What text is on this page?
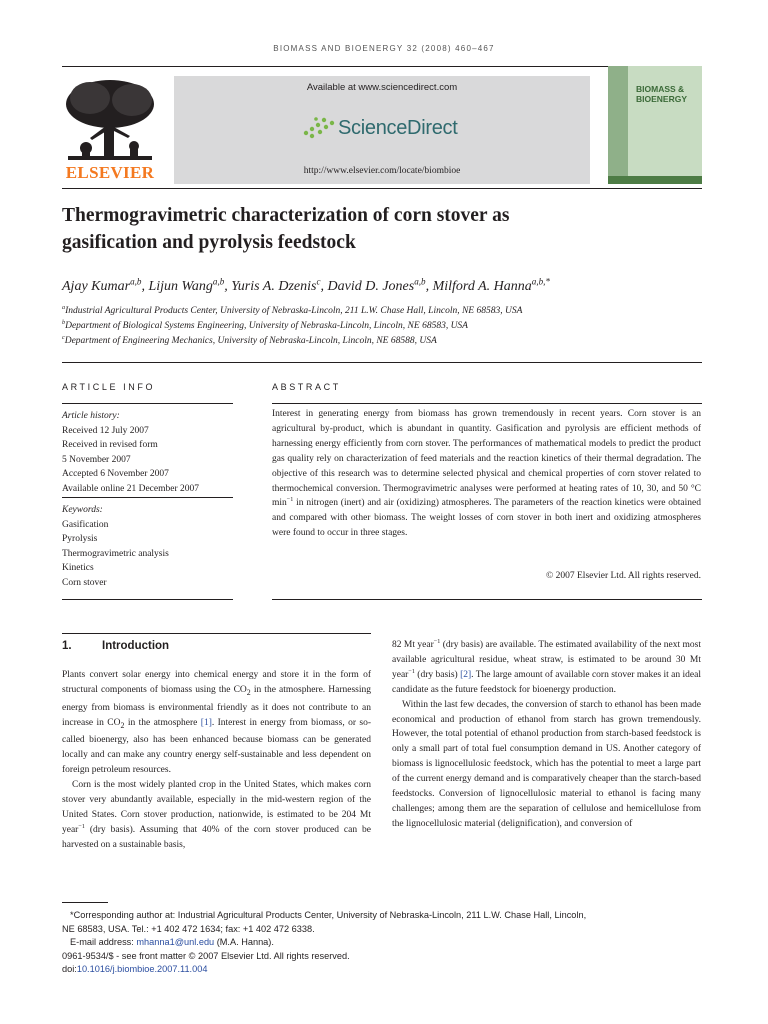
BIOMASS AND BIOENERGY 32 (2008) 460–467
ELSEVIER
Available at www.sciencedirect.com
ScienceDirect
http://www.elsevier.com/locate/biombioe
BIOMASS &
BIOENERGY
Thermogravimetric characterization of corn stover as
gasification and pyrolysis feedstock
Ajay Kumar$^{a,b}$, Lijun Wang$^{a,b}$, Yuris A. Dzenis$^c$, David D. Jones$^{a,b}$, Milford A. Hanna$^{a,b,*}$
$^a$Industrial Agricultural Products Center, University of Nebraska-Lincoln, 211 L.W. Chase Hall, Lincoln, NE 68583, USA
$^b$Department of Biological Systems Engineering, University of Nebraska-Lincoln, Lincoln, NE 68583, USA
$^c$Department of Engineering Mechanics, University of Nebraska-Lincoln, Lincoln, NE 68588, USA
ARTICLE INFO
Article history:
Received 12 July 2007
Received in revised form
5 November 2007
Accepted 6 November 2007
Available online 21 December 2007
Keywords:
Gasification
Pyrolysis
Thermogravimetric analysis
Kinetics
Corn stover
ABSTRACT
Interest in generating energy from biomass has grown tremendously in recent years. Corn stover is an agricultural by-product, which is abundant in quantity. Gasification and pyrolysis are efficient methods of harnessing energy efficiently from corn stover. The performances of mathematical models to predict the product gas quality rely on characterization of feed materials and the reaction kinetics of their thermal degradation. The objective of this research was to determine selected physical and chemical properties of corn stover related to thermochemical conversion. Thermogravimetric analyses were performed at heating rates of 10, 30, and 50 °C $\min^{-1}$ in nitrogen (inert) and air (oxidizing) atmospheres. The parameters of the reaction kinetics were obtained and compared with other biomass. The weight losses of corn stover in both inert and oxidizing atmospheres were found to occur in three stages.
© 2007 Elsevier Ltd. All rights reserved.
1.	Introduction

Plants convert solar energy into chemical energy and store it in the form of structural components of biomass using the $CO_2$ in the atmosphere. Harnessing energy from biomass is environmental friendly as it does not contribute to an increase in $CO_2$ in the atmosphere [1]. Interest in energy from biomass, or so-called bioenergy, also has been enhanced because biomass can be generated locally and can make any country energy self-sustainable and less dependent on foreign petroleum resources.

Corn is the most widely planted crop in the United States, which makes corn stover very abundantly available, especially in the mid-western region of the United States. Corn stover production, nationwide, is estimated to be 204 Mt year$^{-1}$ (dry basis). Assuming that 40% of the corn stover produced can be harvested on a sustainable basis,

82 Mt year$^{-1}$ (dry basis) are available. The estimated availability of the next most available agricultural residue, wheat straw, is estimated to be around 30 Mt year$^{-1}$ (dry basis) [2]. The large amount of available corn stover makes it an ideal candidate as the future feedstock for bioenergy production.

Within the last few decades, the conversion of starch to ethanol has been made economical and production of ethanol from starch has grown tremendously. However, the total potential of ethanol production from starch-based feedstock is only a small part of total fuel consumption demand in US. Another category of biomass is lignocellulosic feedstock, which has the potential to meet a large part of the current energy demand and is comparatively cheaper than the starch-based feedstocks. Conversion of lignocellulosic material to ethanol is facing many challenges; among them are the separation of cellulose and hemicellulose from the lignocellulosic material (delignification), and conversion of

*Corresponding author at: Industrial Agricultural Products Center, University of Nebraska-Lincoln, 211 L.W. Chase Hall, Lincoln,
NE 68583, USA. Tel.: +1 402 472 1634; fax: +1 402 472 6338.
E-mail address: mhanna1@unl.edu (M.A. Hanna).
0961-9534/$ - see front matter © 2007 Elsevier Ltd. All rights reserved.
doi:10.1016/j.biombioe.2007.11.004
